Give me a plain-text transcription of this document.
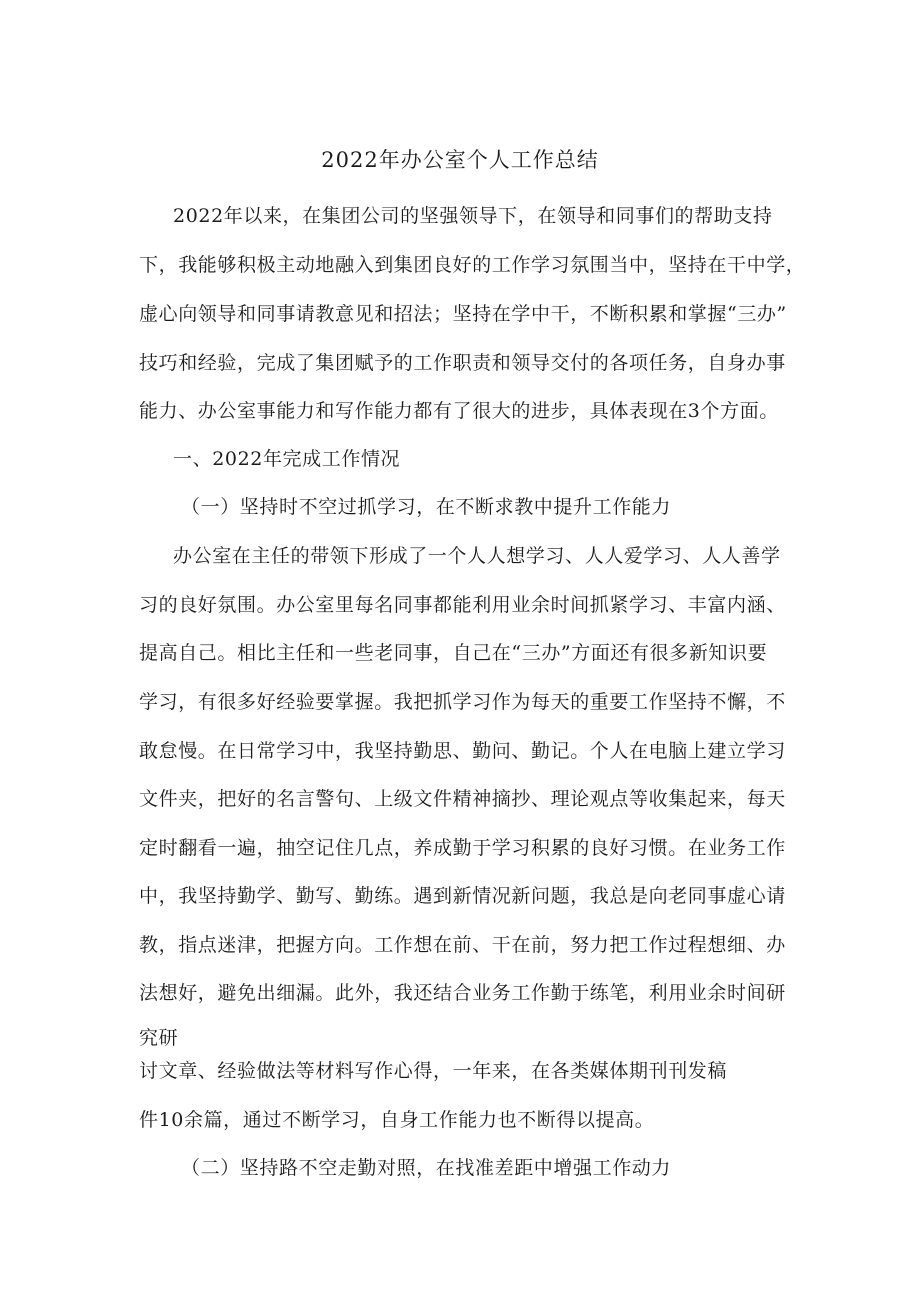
2022年办公室个人工作总结
2022年以来，在集团公司的坚强领导下，在领导和同事们的帮助支持
下，我能够积极主动地融入到集团良好的工作学习氛围当中，坚持在干中学，
虚心向领导和同事请教意见和招法；坚持在学中干，不断积累和掌握“三办”
技巧和经验，完成了集团赋予的工作职责和领导交付的各项任务，自身办事
能力、办公室事能力和写作能力都有了很大的进步，具体表现在3个方面。
一、2022年完成工作情况
（一）坚持时不空过抓学习，在不断求教中提升工作能力
办公室在主任的带领下形成了一个人人想学习、人人爱学习、人人善学
习的良好氛围。办公室里每名同事都能利用业余时间抓紧学习、丰富内涵、
提高自己。相比主任和一些老同事，自己在“三办”方面还有很多新知识要
学习，有很多好经验要掌握。我把抓学习作为每天的重要工作坚持不懈，不
敢怠慢。在日常学习中，我坚持勤思、勤问、勤记。个人在电脑上建立学习
文件夹，把好的名言警句、上级文件精神摘抄、理论观点等收集起来，每天
定时翻看一遍，抽空记住几点，养成勤于学习积累的良好习惯。在业务工作
中，我坚持勤学、勤写、勤练。遇到新情况新问题，我总是向老同事虚心请
教，指点迷津，把握方向。工作想在前、干在前，努力把工作过程想细、办
法想好，避免出细漏。此外，我还结合业务工作勤于练笔，利用业余时间研
究研
讨文章、经验做法等材料写作心得，一年来，在各类媒体期刊刊发稿
件10余篇，通过不断学习，自身工作能力也不断得以提高。
（二）坚持路不空走勤对照，在找准差距中增强工作动力
